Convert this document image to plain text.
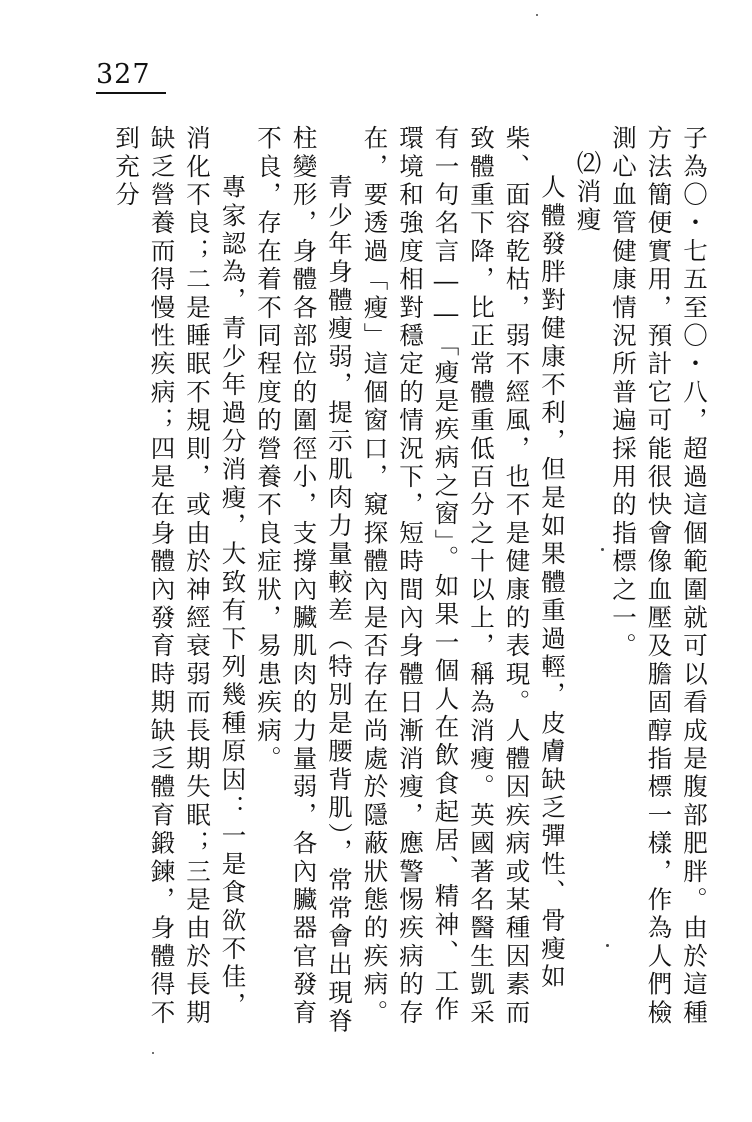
327

子為〇・七五至〇・八，超過這個範圍就可以看成是腹部肥胖。由於這種方法簡便實用，預計它可能很快會像血壓及膽固醇指標一樣，作為人們檢測心血管健康情況所普遍採用的指標之一。

⑵消瘦

人體發胖對健康不利，但是如果體重過輕，皮膚缺乏彈性、骨瘦如柴、面容乾枯，弱不經風，也不是健康的表現。人體因疾病或某種因素而致體重下降，比正常體重低百分之十以上，稱為消瘦。英國著名醫生凱采有一句名言――「瘦是疾病之窗」。如果一個人在飲食起居、精神、工作環境和強度相對穩定的情況下，短時間內身體日漸消瘦，應警惕疾病的存在，要透過「瘦」這個窗口，窺探體內是否存在尚處於隱蔽狀態的疾病。

青少年身體瘦弱，提示肌肉力量較差（特別是腰背肌），常常會出現脊柱變形，身體各部位的圍徑小，支撐內臟肌肉的力量弱，各內臟器官發育不良，存在着不同程度的營養不良症狀，易患疾病。

專家認為，青少年過分消瘦，大致有下列幾種原因：一是食欲不佳，消化不良；二是睡眠不規則，或由於神經衰弱而長期失眠；三是由於長期缺乏營養而得慢性疾病；四是在身體內發育時期缺乏體育鍛鍊，身體得不到充分
